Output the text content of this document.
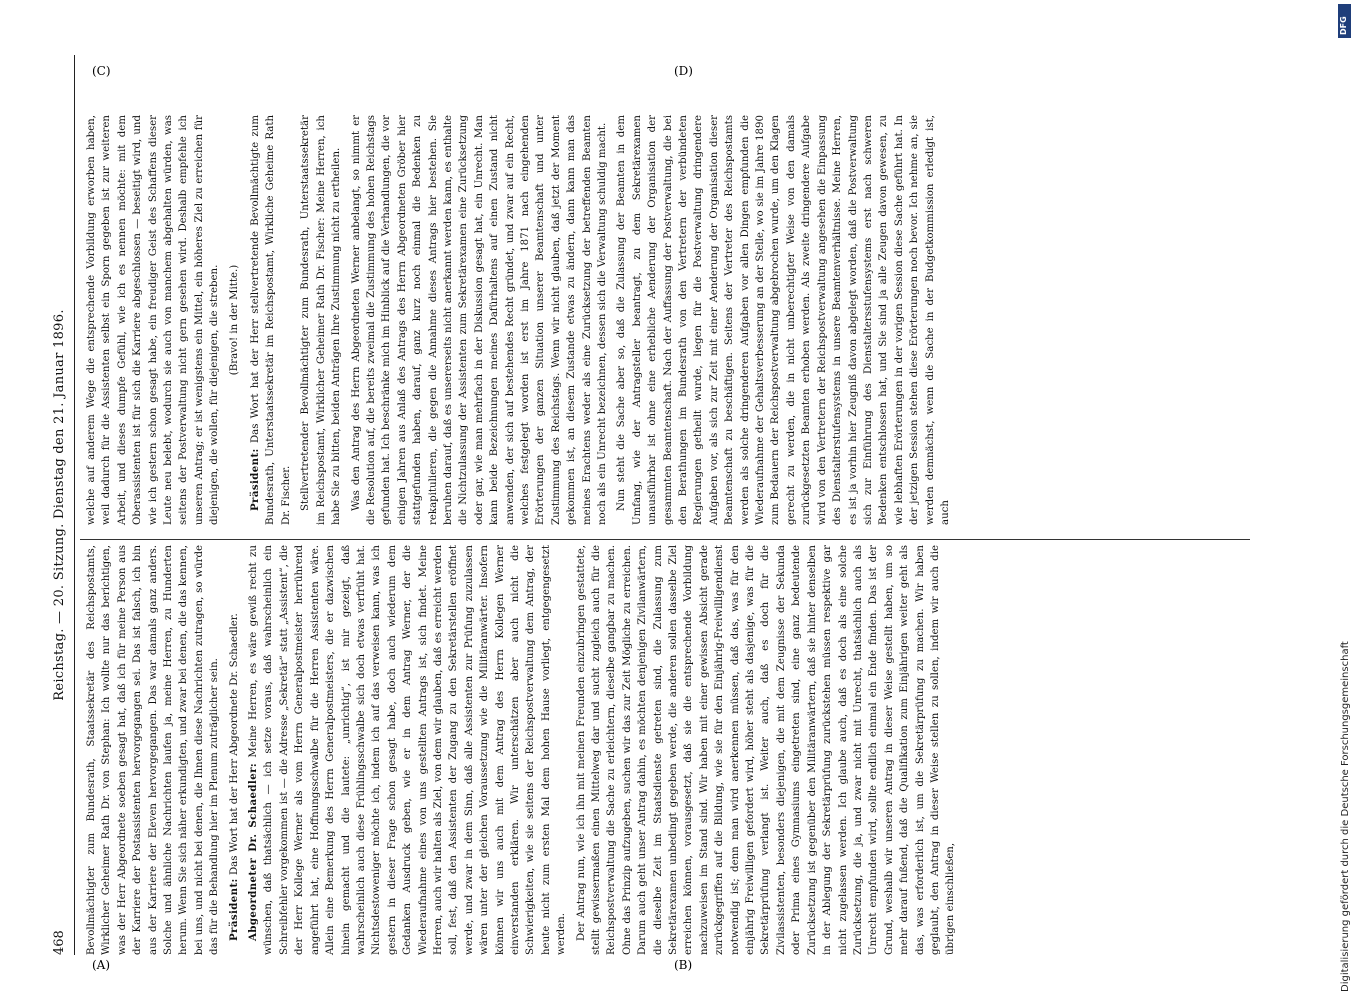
468
Reichstag. — 20. Sitzung. Dienstag den 21. Januar 1896.

Bevollmächtigter zum Bundesrath, Staatssekretär des Reichspostamts, Wirklicher Geheimer Rath Dr. von Stephan: Ich wollte nur das berichtigen, was der Herr Abgeordnete soeben gesagt hat, daß ich für meine Person aus der Karriere der Postassistenten hervorgegangen sei. Das ist falsch, ich bin aus der Karriere der Eleven hervorgegangen. Das war damals ganz anders. Solche und ähnliche Nachrichten laufen ja, meine Herren, zu Hunderten herum. Wenn Sie sich näher erkundigten, und zwar bei denen, die das kennen, bei uns, und nicht bei denen, die Ihnen diese Nachrichten zutragen, so würde das für die Behandlung hier im Plenum zuträglicher sein. Präsident: Das Wort hat der Herr Abgeordnete Dr. Schaedler. Abgeordneter Dr. Schaedler: Meine Herren, es wäre gewiß recht zu wünschen, daß thatsächlich — ich setze voraus, daß wahrscheinlich ein Schreibfehler vorgekommen ist — die Adresse „Sekretär“ statt „Assistent“, die der Herr Kollege Werner als vom Herrn Generalpostmeister herrührend angeführt hat, eine Hoffnungsschwalbe für die Herren Assistenten wäre. Allein eine Bemerkung des Herrn Generalpostmeisters, die er dazwischen hinein gemacht und die lautete: „unrichtig“, ist mir gezeigt, daß wahrscheinlich auch diese Frühlingsschwalbe sich doch etwas verfrüht hat. Nichtsdestoweniger möchte ich, indem ich auf das verweisen kann, was ich gestern in dieser Frage schon gesagt habe, doch auch wiederum dem Gedanken Ausdruck geben, wie er in dem Antrag Werner, der die Wiederaufnahme eines von uns gestellten Antrags ist, sich findet. Meine Herren, auch wir halten als Ziel, von dem wir glauben, daß es erreicht werden soll, fest, daß den Assistenten der Zugang zu den Sekretärstellen eröffnet werde, und zwar in dem Sinn, daß alle Assistenten zur Prüfung zuzulassen wären unter der gleichen Voraussetzung wie die Militäranwärter. Insofern können wir uns auch mit dem Antrag des Herrn Kollegen Werner einverstanden erklären. Wir unterschätzen aber auch nicht die Schwierigkeiten, wie sie seitens der Reichspostverwaltung dem Antrag, der heute nicht zum ersten Mal dem hohen Hause vorliegt, entgegengesetzt werden. Der Antrag nun, wie ich ihn mit meinen Freunden einzubringen gestattete, stellt gewissermaßen einen Mittelweg dar und sucht zugleich auch für die Reichspostverwaltung die Sache zu erleichtern, dieselbe gangbar zu machen. Ohne das Prinzip aufzugeben, suchen wir das zur Zeit Mögliche zu erreichen. Darum auch geht unser Antrag dahin, es möchten denjenigen Zivilanwärtern, die dieselbe Zeit im Staatsdienste getreten sind, die Zulassung zum Sekretärexamen unbedingt gegeben werde, die anderen sollen dasselbe Ziel erreichen können, vorausgesetzt, daß sie die entsprechende Vorbildung nachzuweisen im Stand sind. Wir haben mit einer gewissen Absicht gerade zurückgegriffen auf die Bildung, wie sie für den Einjährig-Freiwilligendienst notwendig ist; denn man wird anerkennen müssen, daß das, was für den einjährig Freiwilligen gefordert wird, höher steht als dasjenige, was für die Sekretärprüfung verlangt ist. Weiter auch, daß es doch für die Zivilassistenten, besonders diejenigen, die mit dem Zeugnisse der Sekunda oder Prima eines Gymnasiums eingetreten sind, eine ganz bedeutende Zurücksetzung ist gegenüber den Militäranwärtern, daß sie hinter denselben in der Ablegung der Sekretärprüfung zurückstehen müssen respektive gar nicht zugelassen werden. Ich glaube auch, daß es doch als eine solche Zurücksetzung, die ja, und zwar nicht mit Unrecht, thatsächlich auch als Unrecht empfunden wird, sollte endlich einmal ein Ende finden. Das ist der Grund, weshalb wir unseren Antrag in dieser Weise gestellt haben, um so mehr darauf fußend, daß die Qualifikation zum Einjährigen weiter geht als das, was erforderlich ist, um die Sekretärprüfung zu machen. Wir haben geglaubt, den Antrag in dieser Weise stellen zu sollen, indem wir auch die übrigen einschließen,

welche auf anderem Wege die entsprechende Vorbildung erworben haben, weil dadurch für die Assistenten selbst ein Sporn gegeben ist zur weiteren Arbeit, und dieses dumpfe Gefühl, wie ich es nennen möchte: mit dem Oberassistenten ist für sich die Karriere abgeschlossen — beseitigt wird, und wie ich gestern schon gesagt habe, ein freudiger Geist des Schaffens dieser Leute neu belebt, wodurch sie auch von manchem abgehalten würden, was seitens der Postverwaltung nicht gern gesehen wird. Deshalb empfehle ich unseren Antrag; er ist wenigstens ein Mittel, ein höheres Ziel zu erreichen für diejenigen, die wollen, für diejenigen, die streben. (Bravo! in der Mitte.)

Präsident: Das Wort hat der Herr stellvertretende Bevollmächtigte zum Bundesrath, Unterstaatssekretär im Reichspostamt, Wirkliche Geheime Rath Dr. Fischer. Stellvertretender Bevollmächtigter zum Bundesrath, Unterstaatssekretär im Reichspostamt, Wirklicher Geheimer Rath Dr. Fischer: Meine Herren, ich habe Sie zu bitten, beiden Anträgen Ihre Zustimmung nicht zu ertheilen. Was den Antrag des Herrn Abgeordneten Werner anbelangt, so nimmt er die Resolution auf, die bereits zweimal die Zustimmung des hohen Reichstags gefunden hat. Ich beschränke mich im Hinblick auf die Verhandlungen, die vor einigen Jahren aus Anlaß des Antrags des Herrn Abgeordneten Gröber hier stattgefunden haben, darauf, ganz kurz noch einmal die Bedenken zu rekapitulieren, die gegen die Annahme dieses Antrags hier bestehen. Sie beruhen darauf, daß es unsererseits nicht anerkannt werden kann, es enthalte die Nichtzulassung der Assistenten zum Sekretärexamen eine Zurücksetzung oder gar, wie man mehrfach in der Diskussion gesagt hat, ein Unrecht. Man kann beide Bezeichnungen meines Dafürhaltens auf einen Zustand nicht anwenden, der sich auf bestehendes Recht gründet, und zwar auf ein Recht, welches festgelegt worden ist erst im Jahre 1871 nach eingehenden Erörterungen der ganzen Situation unserer Beamtenschaft und unter Zustimmung des Reichstags. Wenn wir nicht glauben, daß jetzt der Moment gekommen ist, an diesem Zustande etwas zu ändern, dann kann man das meines Erachtens weder als eine Zurücksetzung der betreffenden Beamten noch als ein Unrecht bezeichnen, dessen sich die Verwaltung schuldig macht. Nun steht die Sache aber so, daß die Zulassung der Beamten in dem Umfang, wie der Antragsteller beantragt, zu dem Sekretärexamen unausführbar ist ohne eine erhebliche Aenderung der Organisation der gesammten Beamtenschaft. Nach der Auffassung der Postverwaltung, die bei den Berathungen im Bundesrath von den Vertretern der verbündeten Regierungen getheilt wurde, liegen für die Postverwaltung dringendere Aufgaben vor, als sich zur Zeit mit einer Aenderung der Organisation dieser Beamtenschaft zu beschäftigen. Seitens der Vertreter des Reichspostamts werden als solche dringenderen Aufgaben vor allen Dingen empfunden die Wiederaufnahme der Gehaltsverbesserung an der Stelle, wo sie im Jahre 1890 zum Bedauern der Reichspostverwaltung abgebrochen wurde, um den Klagen gerecht zu werden, die in nicht unberechtigter Weise von den damals zurückgesetzten Beamten erhoben werden. Als zweite dringendere Aufgabe wird von den Vertretern der Reichspostverwaltung angesehen die Einpassung des Dienstalterstufensystems in unsere Beamtenverhältnisse. Meine Herren, es ist ja vorhin hier Zeugniß davon abgelegt worden, daß die Postverwaltung sich zur Einführung des Dienstaltersstufensystems erst nach schweren Bedenken entschlossen hat, und Sie sind ja alle Zeugen davon gewesen, zu wie lebhaften Erörterungen in der vorigen Session diese Sache geführt hat. In der jetzigen Session stehen diese Erörterungen noch bevor. Ich nehme an, sie werden demnächst, wenn die Sache in der Budgetkommission erledigt ist, auch

(A)	(B)
(C)	(D)
Digitalisierung gefördert durch die Deutsche Forschungsgemeinschaft
DFG
